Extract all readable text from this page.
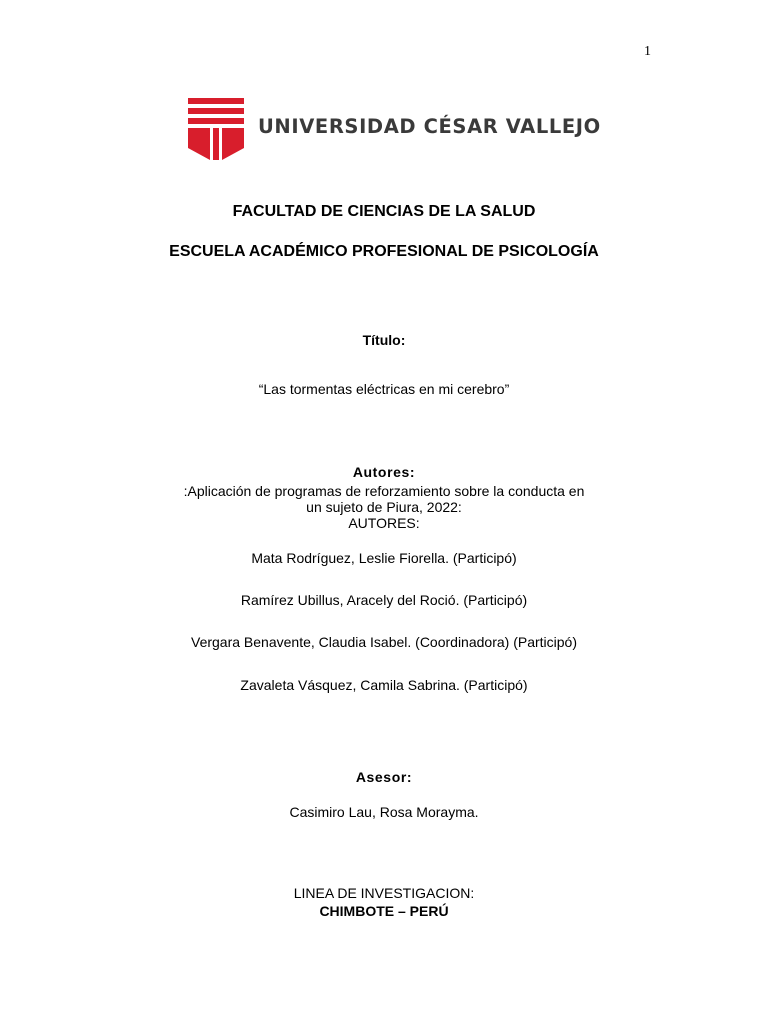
1
UNIVERSIDAD CÉSAR VALLEJO
FACULTAD DE CIENCIAS DE LA SALUD
ESCUELA ACADÉMICO PROFESIONAL DE PSICOLOGÍA
Título:
“Las tormentas eléctricas en mi cerebro”
Autores:
:Aplicación de programas de reforzamiento sobre la conducta en
un sujeto de Piura, 2022:
AUTORES:
Mata Rodríguez, Leslie Fiorella. (Participó)
Ramírez Ubillus, Aracely del Roció. (Participó)
Vergara Benavente, Claudia Isabel. (Coordinadora) (Participó)
Zavaleta Vásquez, Camila Sabrina. (Participó)
Asesor:
Casimiro Lau, Rosa Morayma.
LINEA DE INVESTIGACION:
CHIMBOTE – PERÚ
